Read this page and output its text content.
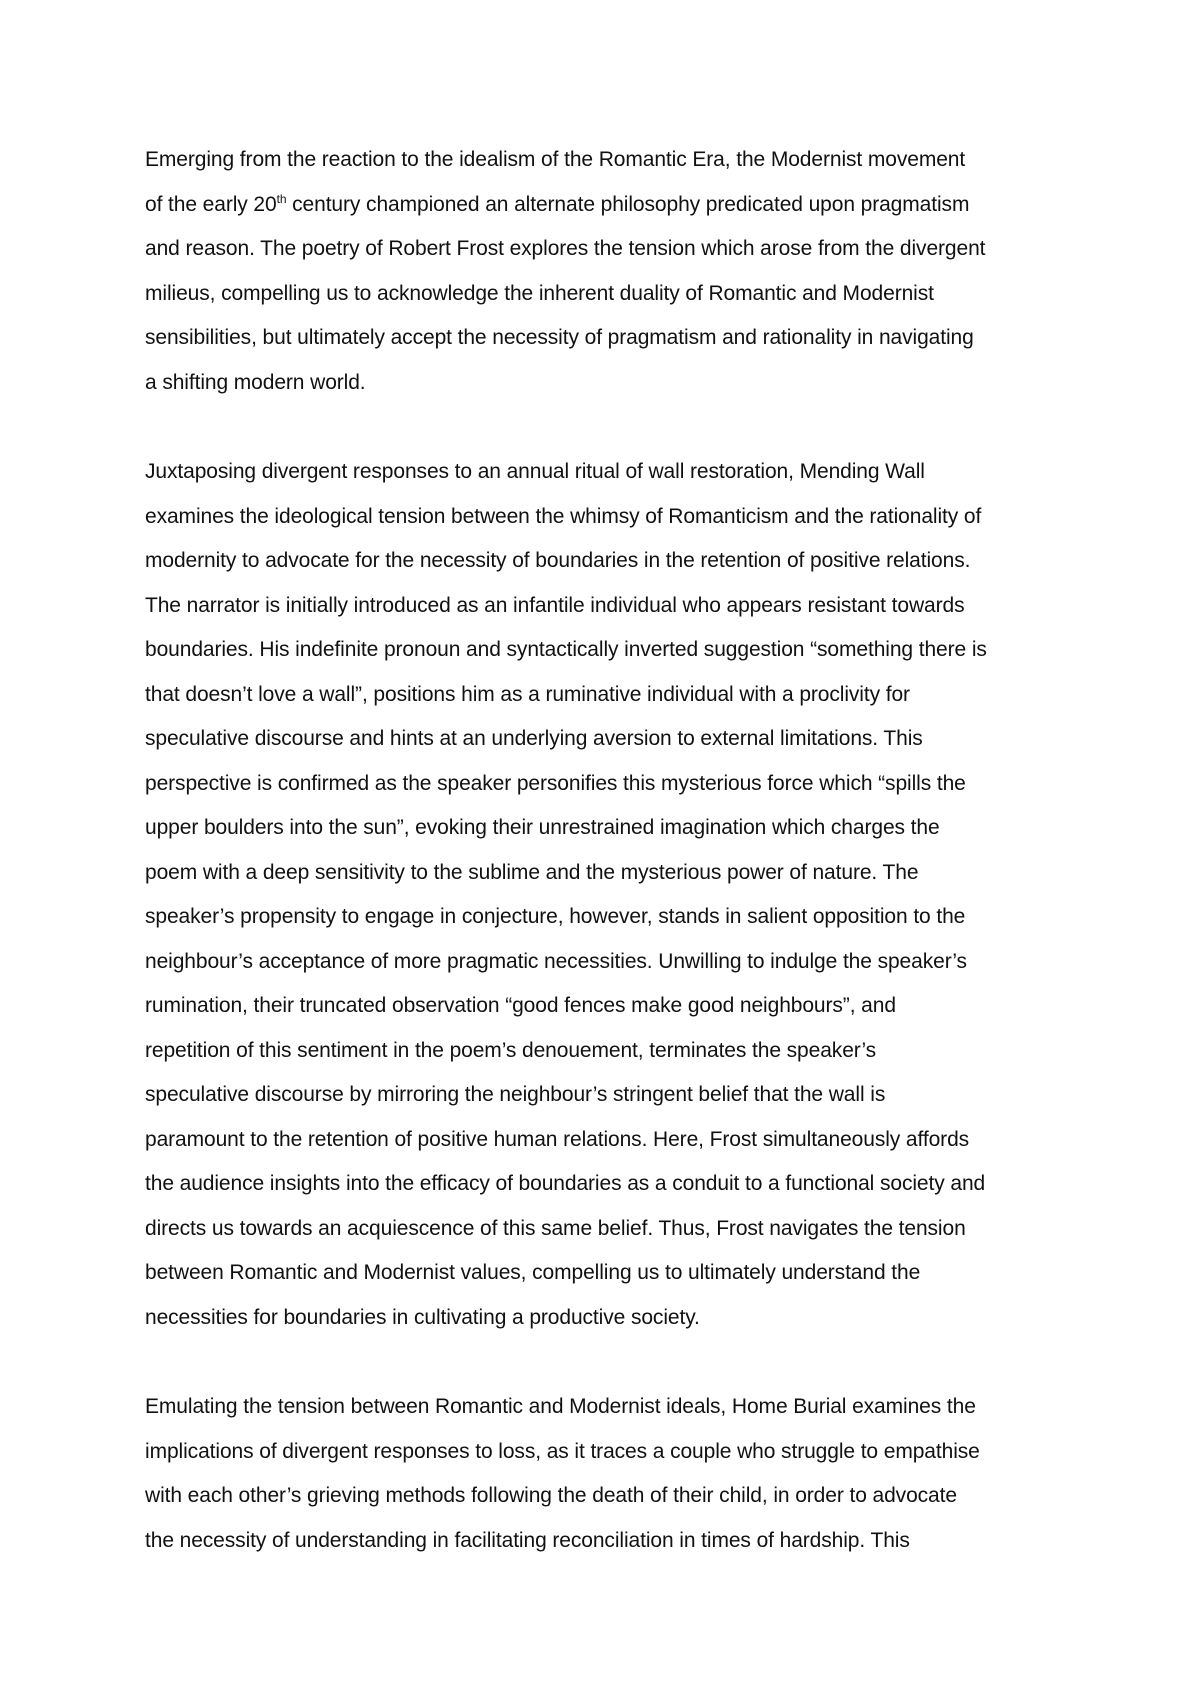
Emerging from the reaction to the idealism of the Romantic Era, the Modernist movement
of the early 20th century championed an alternate philosophy predicated upon pragmatism
and reason. The poetry of Robert Frost explores the tension which arose from the divergent
milieus, compelling us to acknowledge the inherent duality of Romantic and Modernist
sensibilities, but ultimately accept the necessity of pragmatism and rationality in navigating
a shifting modern world.

Juxtaposing divergent responses to an annual ritual of wall restoration, Mending Wall
examines the ideological tension between the whimsy of Romanticism and the rationality of
modernity to advocate for the necessity of boundaries in the retention of positive relations.
The narrator is initially introduced as an infantile individual who appears resistant towards
boundaries. His indefinite pronoun and syntactically inverted suggestion “something there is
that doesn’t love a wall”, positions him as a ruminative individual with a proclivity for
speculative discourse and hints at an underlying aversion to external limitations. This
perspective is confirmed as the speaker personifies this mysterious force which “spills the
upper boulders into the sun”, evoking their unrestrained imagination which charges the
poem with a deep sensitivity to the sublime and the mysterious power of nature. The
speaker’s propensity to engage in conjecture, however, stands in salient opposition to the
neighbour’s acceptance of more pragmatic necessities. Unwilling to indulge the speaker’s
rumination, their truncated observation “good fences make good neighbours”, and
repetition of this sentiment in the poem’s denouement, terminates the speaker’s
speculative discourse by mirroring the neighbour’s stringent belief that the wall is
paramount to the retention of positive human relations. Here, Frost simultaneously affords
the audience insights into the efficacy of boundaries as a conduit to a functional society and
directs us towards an acquiescence of this same belief. Thus, Frost navigates the tension
between Romantic and Modernist values, compelling us to ultimately understand the
necessities for boundaries in cultivating a productive society.

Emulating the tension between Romantic and Modernist ideals, Home Burial examines the
implications of divergent responses to loss, as it traces a couple who struggle to empathise
with each other’s grieving methods following the death of their child, in order to advocate
the necessity of understanding in facilitating reconciliation in times of hardship. This
